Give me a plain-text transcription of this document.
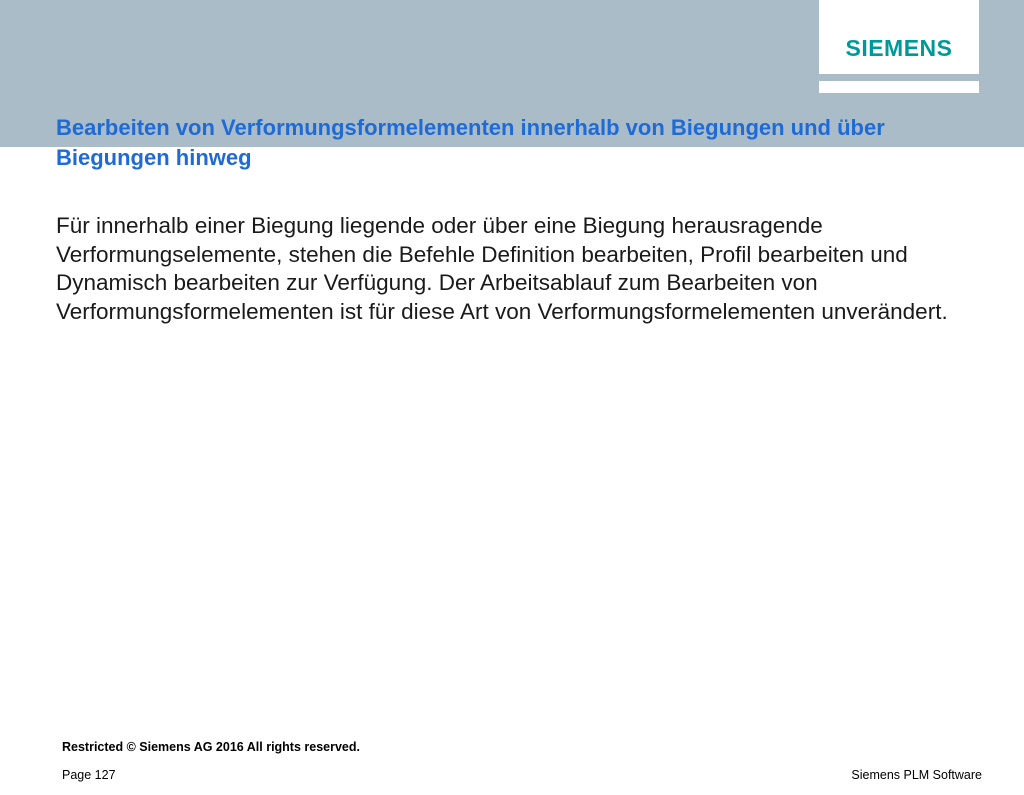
SIEMENS
Bearbeiten von Verformungsformelementen innerhalb von Biegungen und über Biegungen hinweg

Für innerhalb einer Biegung liegende oder über eine Biegung herausragende Verformungselemente, stehen die Befehle Definition bearbeiten, Profil bearbeiten und Dynamisch bearbeiten zur Verfügung. Der Arbeitsablauf zum Bearbeiten von Verformungsformelementen ist für diese Art von Verformungsformelementen unverändert.

Restricted © Siemens AG 2016 All rights reserved.
Page 127	Siemens PLM Software
